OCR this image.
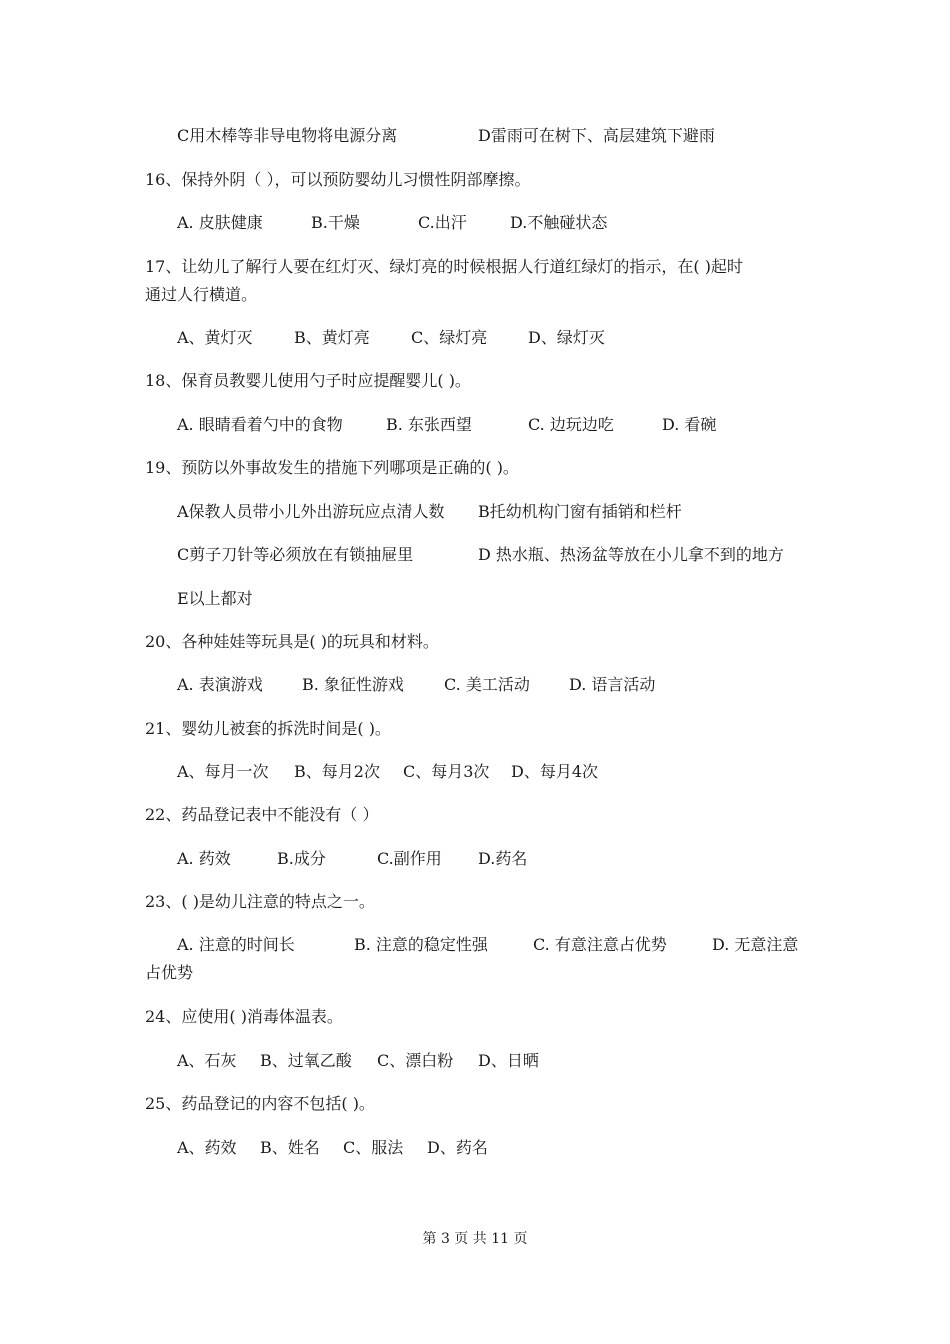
C用木棒等非导电物将电源分离	D雷雨可在树下、高层建筑下避雨
16、保持外阴（ ），可以预防婴幼儿习惯性阴部摩擦。
A. 皮肤健康	B.干燥	C.出汗	D.不触碰状态
17、让幼儿了解行人要在红灯灭、绿灯亮的时候根据人行道红绿灯的指示，在( )起时
通过人行横道。
A、黄灯灭	B、黄灯亮	C、绿灯亮	D、绿灯灭
18、保育员教婴儿使用勺子时应提醒婴儿( )。
A. 眼睛看着勺中的食物	B. 东张西望	C. 边玩边吃	D. 看碗
19、预防以外事故发生的措施下列哪项是正确的( )。
A保教人员带小儿外出游玩应点清人数 B托幼机构门窗有插销和栏杆
C剪子刀针等必须放在有锁抽屉里	D 热水瓶、热汤盆等放在小儿拿不到的地方
E以上都对
20、各种娃娃等玩具是( )的玩具和材料。
A. 表演游戏 B. 象征性游戏	C. 美工活动 D. 语言活动
21、婴幼儿被套的拆洗时间是( )。
A、每月一次 B、每月2次 C、每月3次 D、每月4次
22、药品登记表中不能没有（ ）
A. 药效	B.成分	C.副作用 D.药名
23、( )是幼儿注意的特点之一。
A. 注意的时间长	B. 注意的稳定性强	C. 有意注意占优势	D. 无意注意
占优势
24、应使用( )消毒体温表。
A、石灰 B、过氧乙酸 C、漂白粉 D、日晒
25、药品登记的内容不包括( )。
A、药效 B、姓名 C、服法 D、药名
第 3 页 共 11 页
